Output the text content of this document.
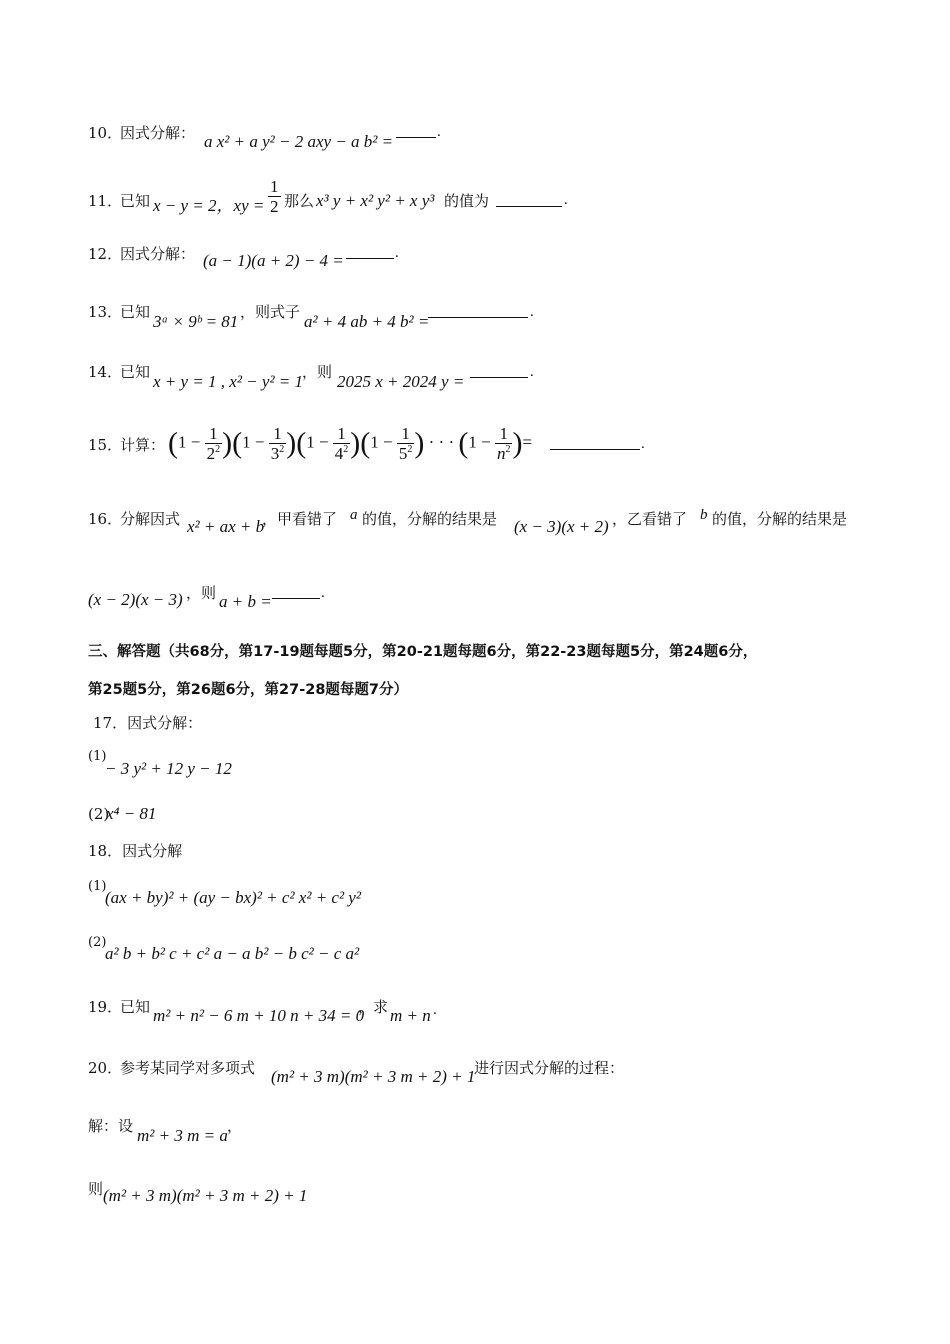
10．
因式分解： a x² + a y² − 2 axy − a b² =	.
11．
已知 x − y = 2，xy = $\frac{1}{2}$ 那么 x³ y + x² y² + x y³ 的值为	.
12．
因式分解： (a − 1)(a + 2) − 4 =	.
13．
已知 3ᵃ × 9ᵇ = 81 ，则式子 a² + 4 ab + 4 b² =	.
14．
已知 x + y = 1 , x² − y² = 1
，则 2025 x + 2024 y =	.
15．
计算： $(1 - \frac{1}{2^2} )(1 - \frac{1}{3^2} )(1 - \frac{1}{4^2} )(1 - \frac{1}{5^2}$ ) · · · ($1 - \frac{1}{n^2}$ )=	.
16．
分解因式 x² + ax + b
，甲看错了 a 的值，分解的结果是 (x − 3)(x + 2) ，乙看错了 b 的值，分解的结果是
(x − 2)(x − 3) ，则 a + b =	.
三、解答题（共68分，第17-19题每题5分，第20-21题每题6分，第22-23题每题5分，第24题6分，
第25题5分，第26题6分，第27-28题每题7分）
17．因式分解：
(1)
− 3 y² + 12 y − 12
(2)
x⁴ − 81
18．因式分解
(1)
(ax + by)² + (ay − bx)² + c² x² + c² y²
(2)
a² b + b² c + c² a − a b² − b c² − c a²
19．
已知 m² + n² − 6 m + 10 n + 34 = 0
，求 m + n .
20．
参考某同学对多项式 (m² + 3 m)(m² + 3 m + 2) + 1
进行因式分解的过程：
解：设 m² + 3 m = a ，
则 (m² + 3 m)(m² + 3 m + 2) + 1
